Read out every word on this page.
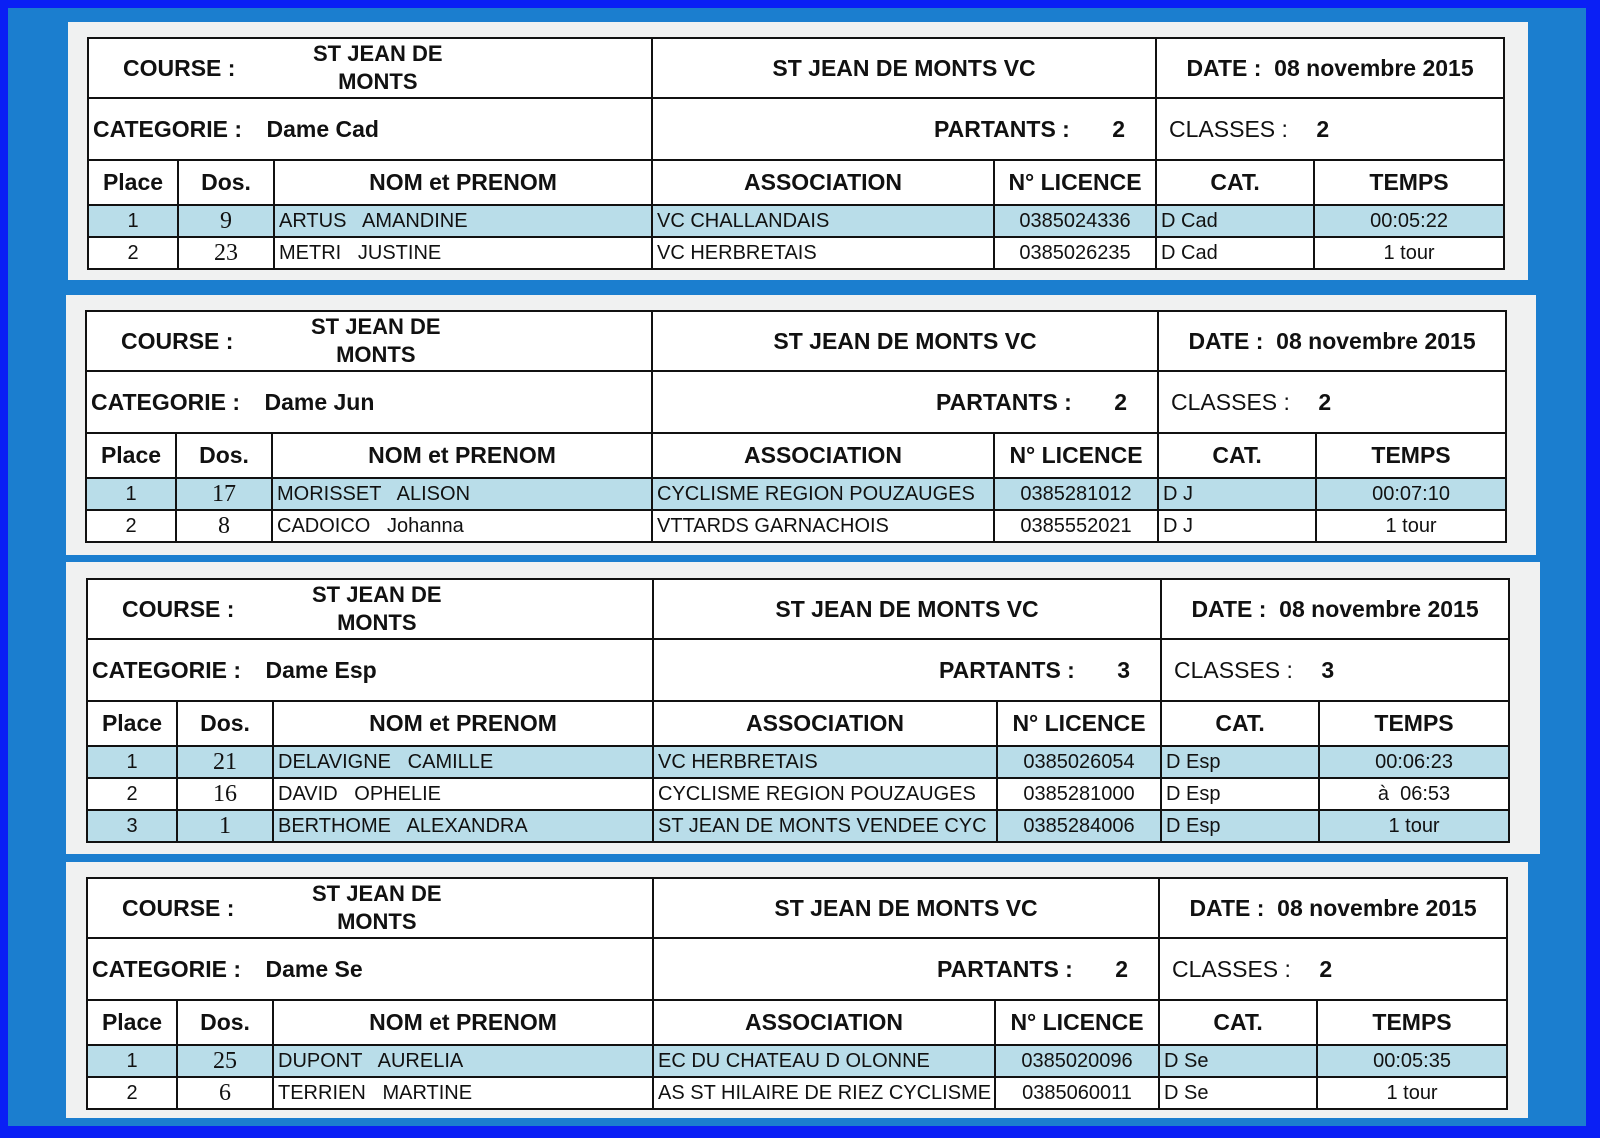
COURSE :
ST JEAN DE
MONTS			ST JEAN DE MONTS VC		DATE : 08 novembre 2015	
CATEGORIE : Dame Cad			PARTANTS : 2		CLASSES : 2	
Place	Dos.	NOM et PRENOM	ASSOCIATION	N° LICENCE	CAT.	TEMPS
1	9	ARTUS   AMANDINE	VC CHALLANDAIS	0385024336	D Cad	00:05:22
2	23	METRI   JUSTINE	VC HERBRETAIS	0385026235	D Cad	1 tour
COURSE :
ST JEAN DE
MONTS			ST JEAN DE MONTS VC		DATE : 08 novembre 2015	
CATEGORIE : Dame Jun			PARTANTS : 2		CLASSES : 2	
Place	Dos.	NOM et PRENOM	ASSOCIATION	N° LICENCE	CAT.	TEMPS
1	17	MORISSET   ALISON	CYCLISME REGION POUZAUGES	0385281012	D J	00:07:10
2	8	CADOICO   Johanna	VTTARDS GARNACHOIS	0385552021	D J	1 tour
COURSE :
ST JEAN DE
MONTS			ST JEAN DE MONTS VC		DATE : 08 novembre 2015	
CATEGORIE : Dame Esp			PARTANTS : 3		CLASSES : 3	
Place	Dos.	NOM et PRENOM	ASSOCIATION	N° LICENCE	CAT.	TEMPS
1	21	DELAVIGNE   CAMILLE	VC HERBRETAIS	0385026054	D Esp	00:06:23
2	16	DAVID   OPHELIE	CYCLISME REGION POUZAUGES	0385281000	D Esp	à  06:53
3	1	BERTHOME   ALEXANDRA	ST JEAN DE MONTS VENDEE CYC	0385284006	D Esp	1 tour
COURSE :
ST JEAN DE
MONTS			ST JEAN DE MONTS VC		DATE : 08 novembre 2015	
CATEGORIE : Dame Se			PARTANTS : 2		CLASSES : 2	
Place	Dos.	NOM et PRENOM	ASSOCIATION	N° LICENCE	CAT.	TEMPS
1	25	DUPONT   AURELIA	EC DU CHATEAU D OLONNE	0385020096	D Se	00:05:35
2	6	TERRIEN   MARTINE	AS ST HILAIRE DE RIEZ CYCLISME	0385060011	D Se	1 tour
